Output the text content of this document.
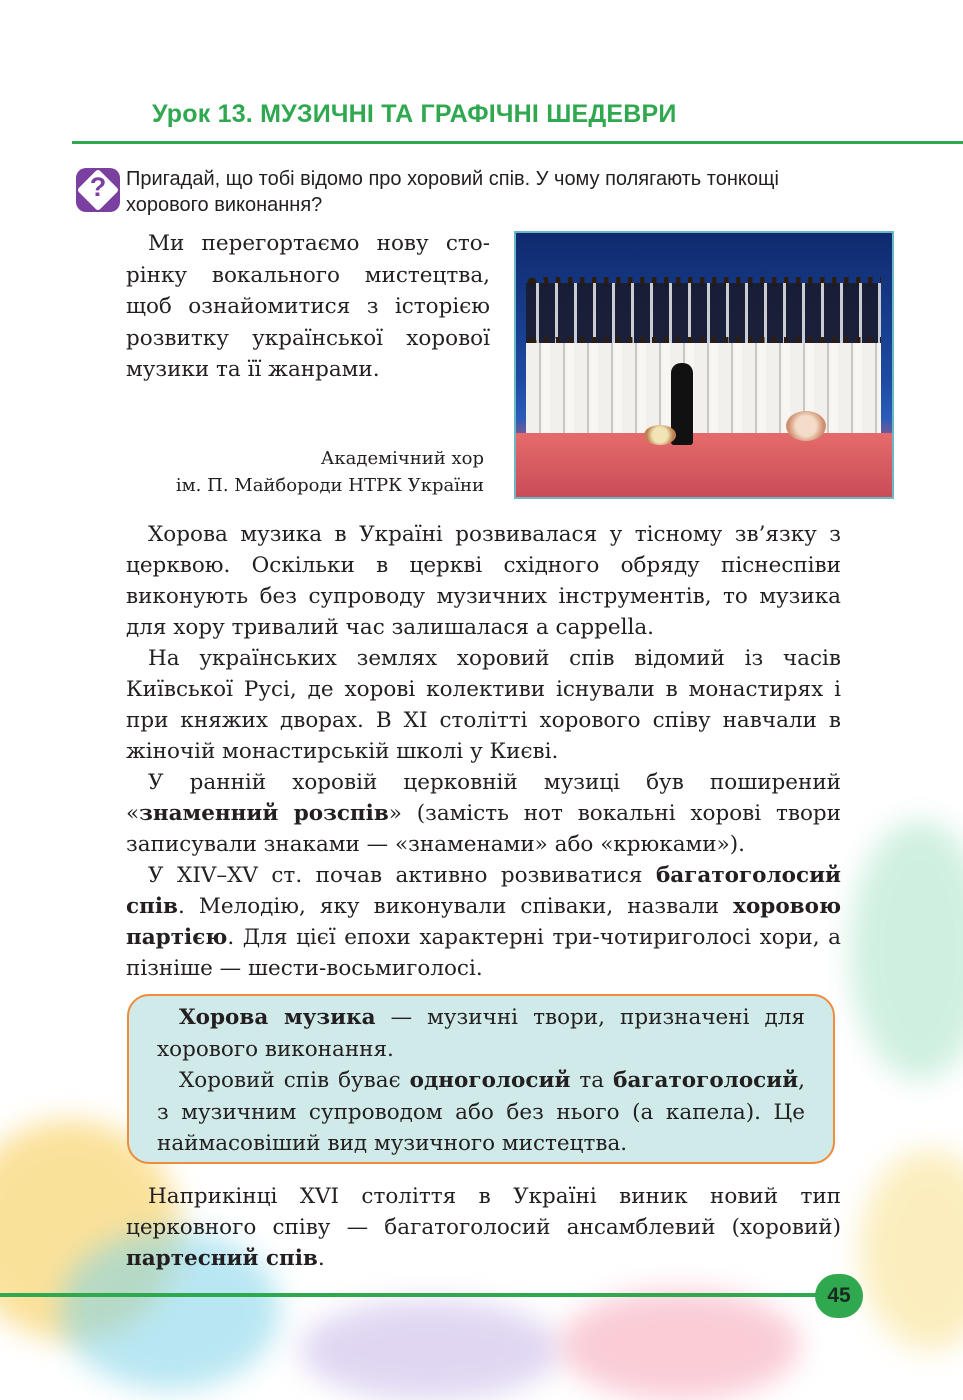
Урок 13. МУЗИЧНІ ТА ГРАФІЧНІ ШЕДЕВРИ
? Пригадай, що тобі відомо про хоровий спів. У чому полягають тонкощі хорового виконання?
Ми перегортаємо нову сторінку вокального мистецтва, щоб ознайомитися з історією розвитку української хорової музики та її жанрами.
Академічний хор
ім. П. Майбороди НТРК України

Хорова музика в Україні розвивалася у тісному зв’язку з церквою. Оскільки в церкві східного обряду піснеспіви виконують без супроводу музичних інструментів, то музика для хору тривалий час залишалася a cappella.

На українських землях хоровий спів відомий із часів Київської Русі, де хорові колективи існували в монастирях і при княжих дворах. В XI столітті хорового співу навчали в жіночій монастирській школі у Києві.

У ранній хоровій церковній музиці був поширений «знаменний розспів» (замість нот вокальні хорові твори записували знаками — «знаменами» або «крюками»).

У XIV–XV ст. почав активно розвиватися багатоголосий спів. Мелодію, яку виконували співаки, назвали хоровою партією. Для цієї епохи характерні три-чотириголосі хори, а пізніше — шести-восьмиголосі.

Хорова музика — музичні твори, призначені для хорового виконання.

Хоровий спів буває одноголосий та багатоголосий, з музичним супроводом або без нього (а капела). Це наймасовіший вид музичного мистецтва.

Наприкінці XVI століття в Україні виник новий тип церковного співу — багатоголосий ансамблевий (хоровий) партесний спів.

45
